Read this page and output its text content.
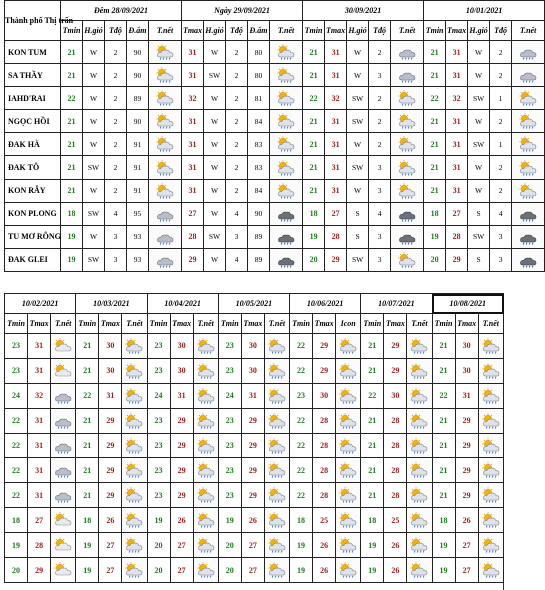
Thành phố Thị trấn	Đêm 28/09/2021					Ngày 29/09/2021					30/09/2021					10/01/2021				
	Tmin	H.gió	Tđộ	Đ.ẩm	T.nết	Tmax	H.gió	Tđộ	Đ.ẩm	T.nết	Tmin	Tmax	H.gió	Tđộ	T.nết	Tmin	Tmax	H.gió	Tđộ	T.nết
KON TUM	21	W	2	90		31	W	2	80		21	31	W	2		21	31	W	2	

SA THẦY	21	W	2	90		31	SW	2	80		21	31	W	3		21	31	W	2	

IAHD'RAI	22	W	2	89		32	W	2	81		22	32	SW	2		22	32	SW	1	

NGỌC HỒI	21	W	2	90		31	W	2	84		21	31	SW	2		21	31	W	2	

ĐAK HÀ	21	W	2	91		31	W	2	83		21	31	W	2		21	31	SW	1	

ĐAK TÔ	21	SW	2	91		31	W	2	83		21	31	SW	3		21	31	W	2	

KON RẪY	21	W	2	91		31	W	2	84		21	31	W	3		21	31	W	2	

KON PLONG	18	SW	4	95		27	W	4	90		18	27	S	4		18	27	S	4	

TU MƠ RÔNG	19	W	3	93		28	SW	3	89		19	28	S	3		19	28	SW	3	

ĐAK GLEI	19	SW	3	93		29	W	4	89		20	29	SW	3		20	29	S	3	
10/02/2021			10/03/2021			10/04/2021			10/05/2021			10/06/2021			10/07/2021			10/08/2021		
Tmin	Tmax	T.nết	Tmin	Tmax	T.nết	Tmin	Tmax	T.nết	Tmin	Tmax	T.nết	Tmin	Tmax	Icon	Tmin	Tmax	T.nết	Tmin	Tmax	T.nết
23	31		21	30		23	30		23	30		22	29		21	29		21	30	

23	31		21	30		23	30		23	30		22	29		21	29		21	30	

24	32		22	31		24	31		24	31		23	30		22	30		22	31	

22	31		21	29		23	29		23	29		22	28		21	28		21	29	

22	31		21	29		23	29		23	29		22	28		21	28		21	29	

22	31		21	29		23	29		23	29		22	28		21	28		21	29	

22	31		21	29		23	29		23	29		22	28		21	28		21	29	

18	27		18	26		19	26		19	26		18	25		18	25		18	26	

19	28		19	27		20	27		20	27		19	26		19	26		19	27	

20	29		19	27		20	27		20	27		19	26		19	26		19	27	
